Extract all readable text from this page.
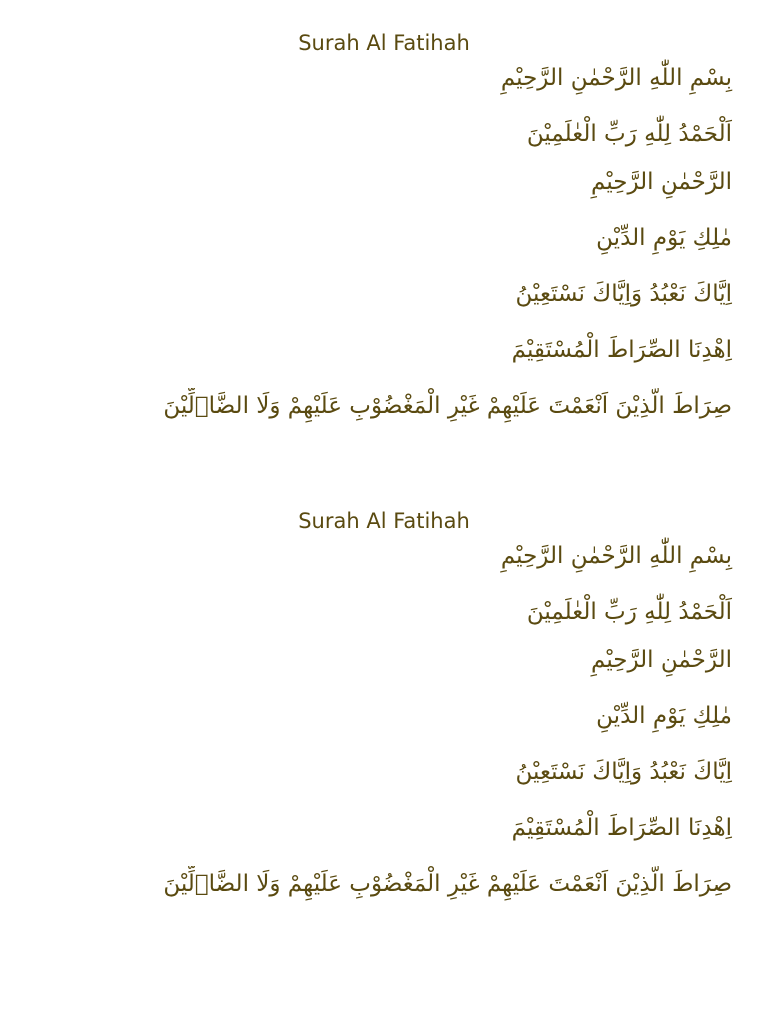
Surah Al Fatihah
بِسْمِ اللّٰهِ الرَّحْمٰنِ الرَّحِيْمِ
اَلْحَمْدُ لِلّٰهِ رَبِّ الْعٰلَمِيْنَ
الرَّحْمٰنِ الرَّحِيْمِ
مٰلِكِ يَوْمِ الدِّيْنِ
اِيَّاكَ نَعْبُدُ وَاِيَّاكَ نَسْتَعِيْنُ
اِهْدِنَا الصِّرَاطَ الْمُسْتَقِيْمَ
صِرَاطَ الَّذِيْنَ اَنْعَمْتَ عَلَيْهِمْ غَيْرِ الْمَغْضُوْبِ عَلَيْهِمْ وَلَا الضَّاۤلِّيْنَ
Surah Al Fatihah
بِسْمِ اللّٰهِ الرَّحْمٰنِ الرَّحِيْمِ
اَلْحَمْدُ لِلّٰهِ رَبِّ الْعٰلَمِيْنَ
الرَّحْمٰنِ الرَّحِيْمِ
مٰلِكِ يَوْمِ الدِّيْنِ
اِيَّاكَ نَعْبُدُ وَاِيَّاكَ نَسْتَعِيْنُ
اِهْدِنَا الصِّرَاطَ الْمُسْتَقِيْمَ
صِرَاطَ الَّذِيْنَ اَنْعَمْتَ عَلَيْهِمْ غَيْرِ الْمَغْضُوْبِ عَلَيْهِمْ وَلَا الضَّاۤلِّيْنَ
